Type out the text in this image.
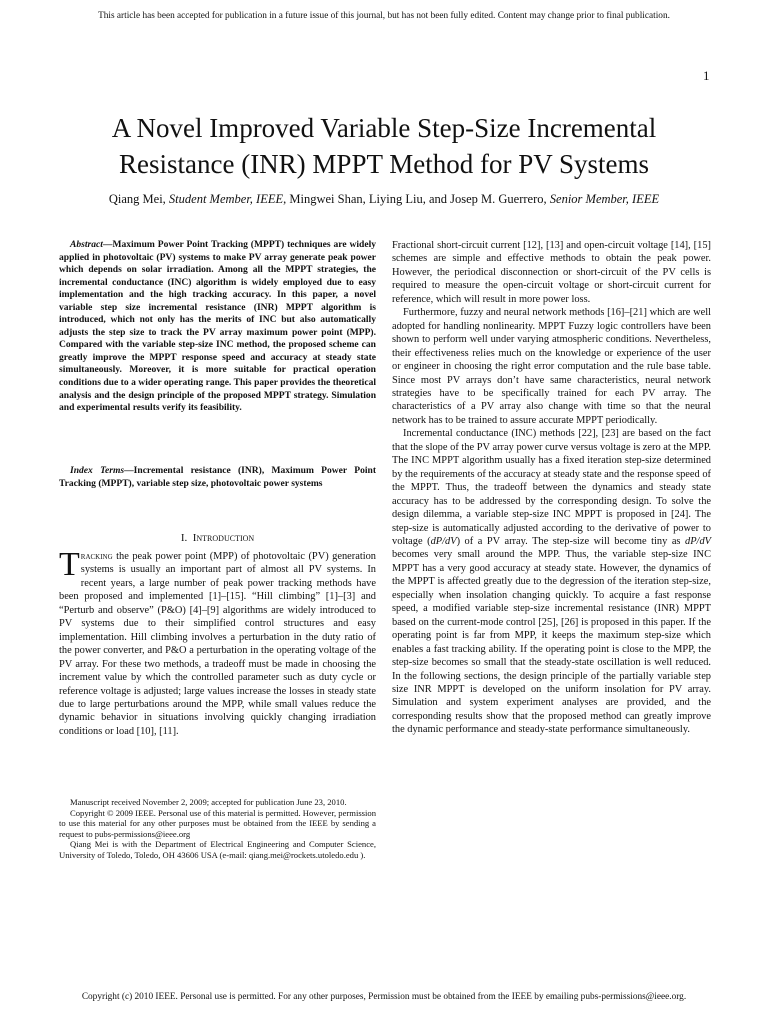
This article has been accepted for publication in a future issue of this journal, but has not been fully edited. Content may change prior to final publication.
1
A Novel Improved Variable Step-Size Incremental
Resistance (INR) MPPT Method for PV Systems
Qiang Mei, Student Member, IEEE, Mingwei Shan, Liying Liu, and Josep M. Guerrero, Senior Member, IEEE

Abstract—Maximum Power Point Tracking (MPPT) techniques are widely applied in photovoltaic (PV) systems to make PV array generate peak power which depends on solar irradiation. Among all the MPPT strategies, the incremental conductance (INC) algorithm is widely employed due to easy implementation and the high tracking accuracy. In this paper, a novel variable step size incremental resistance (INR) MPPT algorithm is introduced, which not only has the merits of INC but also automatically adjusts the step size to track the PV array maximum power point (MPP). Compared with the variable step-size INC method, the proposed scheme can greatly improve the MPPT response speed and accuracy at steady state simultaneously. Moreover, it is more suitable for practical operation conditions due to a wider operating range. This paper provides the theoretical analysis and the design principle of the proposed MPPT strategy. Simulation and experimental results verify its feasibility.

Index Terms—Incremental resistance (INR), Maximum Power Point Tracking (MPPT), variable step size, photovoltaic power systems

I. Introduction

Tracking the peak power point (MPP) of photovoltaic (PV) generation systems is usually an important part of almost all PV systems. In recent years, a large number of peak power tracking methods have been proposed and implemented [1]–[15]. “Hill climbing” [1]–[3] and “Perturb and observe” (P&O) [4]–[9] algorithms are widely introduced to PV systems due to their simplified control structures and easy implementation. Hill climbing involves a perturbation in the duty ratio of the power converter, and P&O a perturbation in the operating voltage of the PV array. For these two methods, a tradeoff must be made in choosing the increment value by which the controlled parameter such as duty cycle or reference voltage is adjusted; large values increase the losses in steady state due to large perturbations around the MPP, while small values reduce the dynamic behavior in situations involving quickly changing irradiation conditions or load [10], [11].

Manuscript received November 2, 2009; accepted for publication June 23, 2010.

Copyright © 2009 IEEE. Personal use of this material is permitted. However, permission to use this material for any other purposes must be obtained from the IEEE by sending a request to pubs-permissions@ieee.org

Qiang Mei is with the Department of Electrical Engineering and Computer Science, University of Toledo, Toledo, OH 43606 USA (e-mail: qiang.mei@rockets.utoledo.edu ).

Fractional short-circuit current [12], [13] and open-circuit voltage [14], [15] schemes are simple and effective methods to obtain the peak power. However, the periodical disconnection or short-circuit of the PV cells is required to measure the open-circuit voltage or short-circuit current for reference, which will result in more power loss.

Furthermore, fuzzy and neural network methods [16]–[21] which are well adopted for handling nonlinearity. MPPT Fuzzy logic controllers have been shown to perform well under varying atmospheric conditions. Nevertheless, their effectiveness relies much on the knowledge or experience of the user or engineer in choosing the right error computation and the rule base table. Since most PV arrays don’t have same characteristics, neural network strategies have to be specifically trained for each PV array. The characteristics of a PV array also change with time so that the neural network has to be trained to assure accurate MPPT periodically.

Incremental conductance (INC) methods [22], [23] are based on the fact that the slope of the PV array power curve versus voltage is zero at the MPP. The INC MPPT algorithm usually has a fixed iteration step-size determined by the requirements of the accuracy at steady state and the response speed of the MPPT. Thus, the tradeoff between the dynamics and steady state accuracy has to be addressed by the corresponding design. To solve the design dilemma, a variable step-size INC MPPT is proposed in [24]. The step-size is automatically adjusted according to the derivative of power to voltage (dP/dV) of a PV array. The step-size will become tiny as dP/dV becomes very small around the MPP. Thus, the variable step-size INC MPPT has a very good accuracy at steady state. However, the dynamics of the MPPT is affected greatly due to the degression of the iteration step-size, especially when insolation changing quickly. To acquire a fast response speed, a modified variable step-size incremental resistance (INR) MPPT based on the current-mode control [25], [26] is proposed in this paper. If the operating point is far from MPP, it keeps the maximum step-size which enables a fast tracking ability. If the operating point is close to the MPP, the step-size becomes so small that the steady-state oscillation is well reduced. In the following sections, the design principle of the partially variable step size INR MPPT is developed on the uniform insolation for PV array. Simulation and system experiment analyses are provided, and the corresponding results show that the proposed method can greatly improve the dynamic performance and steady-state performance simultaneously.

Copyright (c) 2010 IEEE. Personal use is permitted. For any other purposes, Permission must be obtained from the IEEE by emailing pubs-permissions@ieee.org.
